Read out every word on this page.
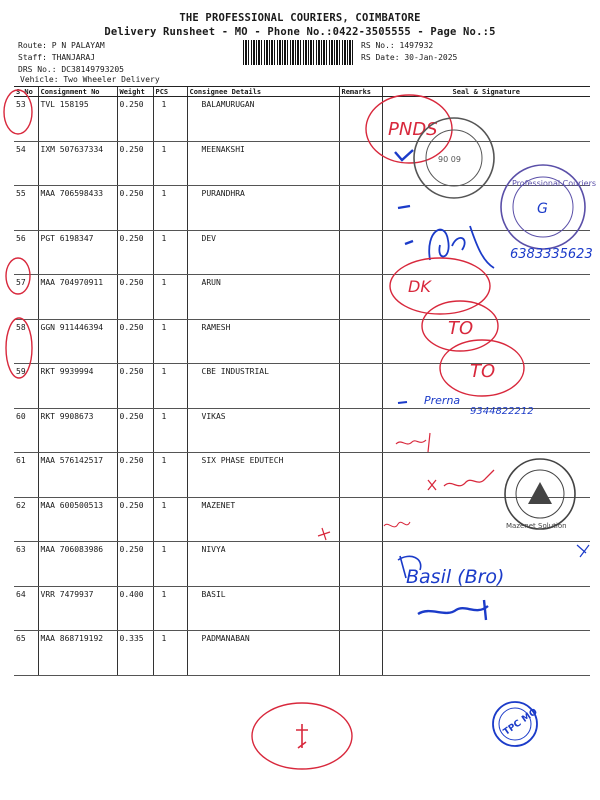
THE PROFESSIONAL COURIERS, COIMBATORE
Delivery Runsheet - MO - Phone No.:0422-3505555 - Page No.:5
Route: P N PALAYAM
Staff: THANJARAJ
DRS No.: DC38149793205
Vehicle: Two Wheeler Delivery
RS No.: 1497932
RS Date: 30-Jan-2025
S No	Consignment No	Weight	PCS	Consignee Details	Remarks	Seal & Signature
53	TVL 158195	0.250	1	BALAMURUGAN		
54	IXM 507637334	0.250	1	MEENAKSHI		
55	MAA 706598433	0.250	1	PURANDHRA		
56	PGT 6198347	0.250	1	DEV		
57	MAA 704970911	0.250	1	ARUN		
58	GGN 911446394	0.250	1	RAMESH		
59	RKT 9939994	0.250	1	CBE INDUSTRIAL		
60	RKT 9908673	0.250	1	VIKAS		
61	MAA 576142517	0.250	1	SIX PHASE EDUTECH		
62	MAA 600500513	0.250	1	MAZENET		
63	MAA 706083986	0.250	1	NIVYA		
64	VRR 7479937	0.400	1	BASIL		
65	MAA 868719192	0.335	1	PADMANABAN		
PNDS
90 09
Professional Couriers
G
6383335623
DK
TO
TO
Prerna
9344822212
Mazenet Solution
Basil (Bro)
TPC MO
